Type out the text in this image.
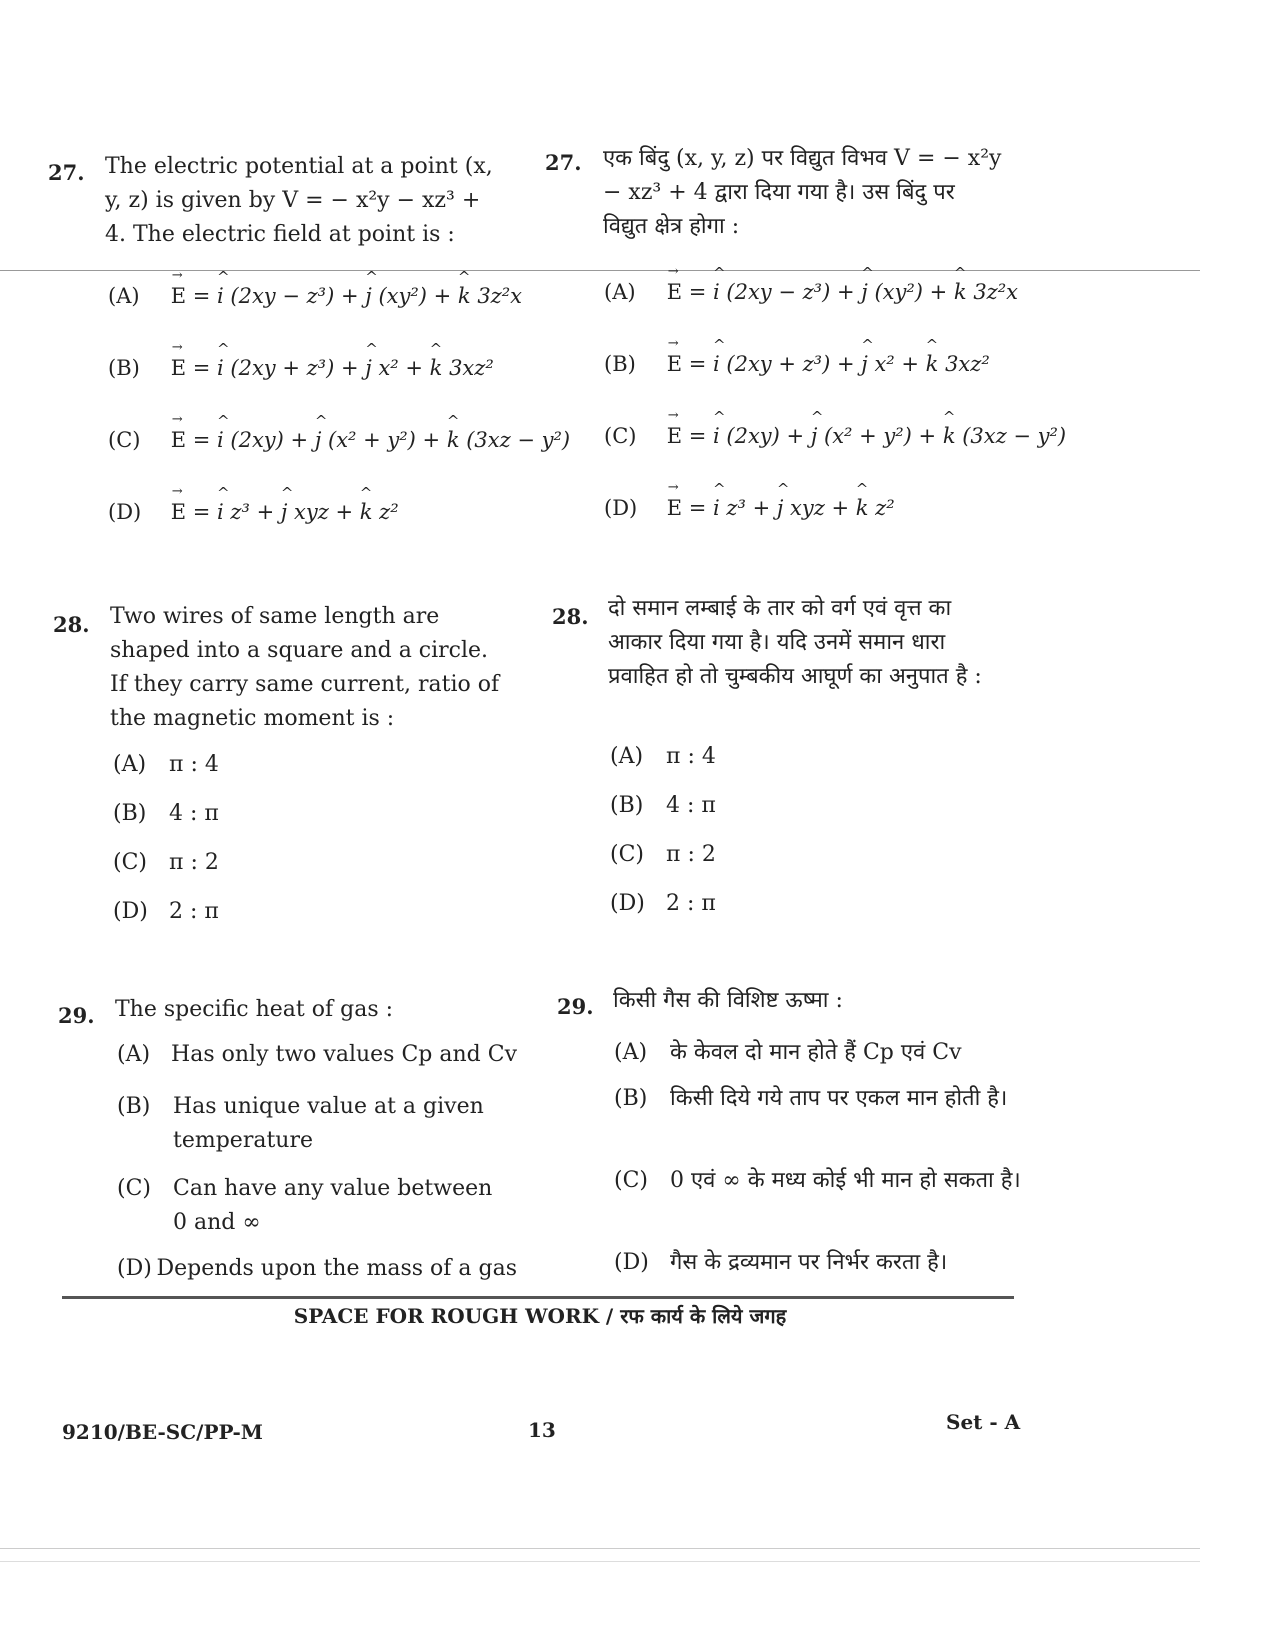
27. The electric potential at a point (x, y, z) is given by V = − x²y − xz³ + 4. The electric field at point is :
27. एक बिंदु (x, y, z) पर विद्युत विभव V = − x²y − xz³ + 4 द्वारा दिया गया है। उस बिंदु पर विद्युत क्षेत्र होगा :
(A) → E = ^ i (2xy − z³) + ^ j (xy²) + ^ k 3z²x
(B) → E = ^ i (2xy + z³) + ^ j x² + ^ k 3xz²
(C) → E = ^ i (2xy) + ^ j (x² + y²) + ^ k (3xz − y²)
(D) → E = ^ i z³ + ^ j xyz + ^ k z²
(A) → E = ^ i (2xy − z³) + ^ j (xy²) + ^ k 3z²x
(B) → E = ^ i (2xy + z³) + ^ j x² + ^ k 3xz²
(C) → E = ^ i (2xy) + ^ j (x² + y²) + ^ k (3xz − y²)
(D) → E = ^ i z³ + ^ j xyz + ^ k z²
28. Two wires of same length are shaped into a square and a circle. If they carry same current, ratio of the magnetic moment is :
28. दो समान लम्बाई के तार को वर्ग एवं वृत्त का आकार दिया गया है। यदि उनमें समान धारा प्रवाहित हो तो चुम्बकीय आघूर्ण का अनुपात है :
(A) π : 4
(B) 4 : π
(C) π : 2
(D) 2 : π
(A) π : 4
(B) 4 : π
(C) π : 2
(D) 2 : π
29. The specific heat of gas :	29. किसी गैस की विशिष्ट ऊष्मा :
(A) Has only two values Cp and Cv
(B)	Has unique value at a given temperature
(C)	Can have any value between 0 and ∞
(D) Depends upon the mass of a gas
(A) के केवल दो मान होते हैं Cp एवं Cv
(B) किसी दिये गये ताप पर एकल मान होती है।
(C) 0 एवं ∞ के मध्य कोई भी मान हो सकता है।
(D) गैस के द्रव्यमान पर निर्भर करता है।
SPACE FOR ROUGH WORK / रफ कार्य के लिये जगह
9210/BE-SC/PP-M	13	Set - A
